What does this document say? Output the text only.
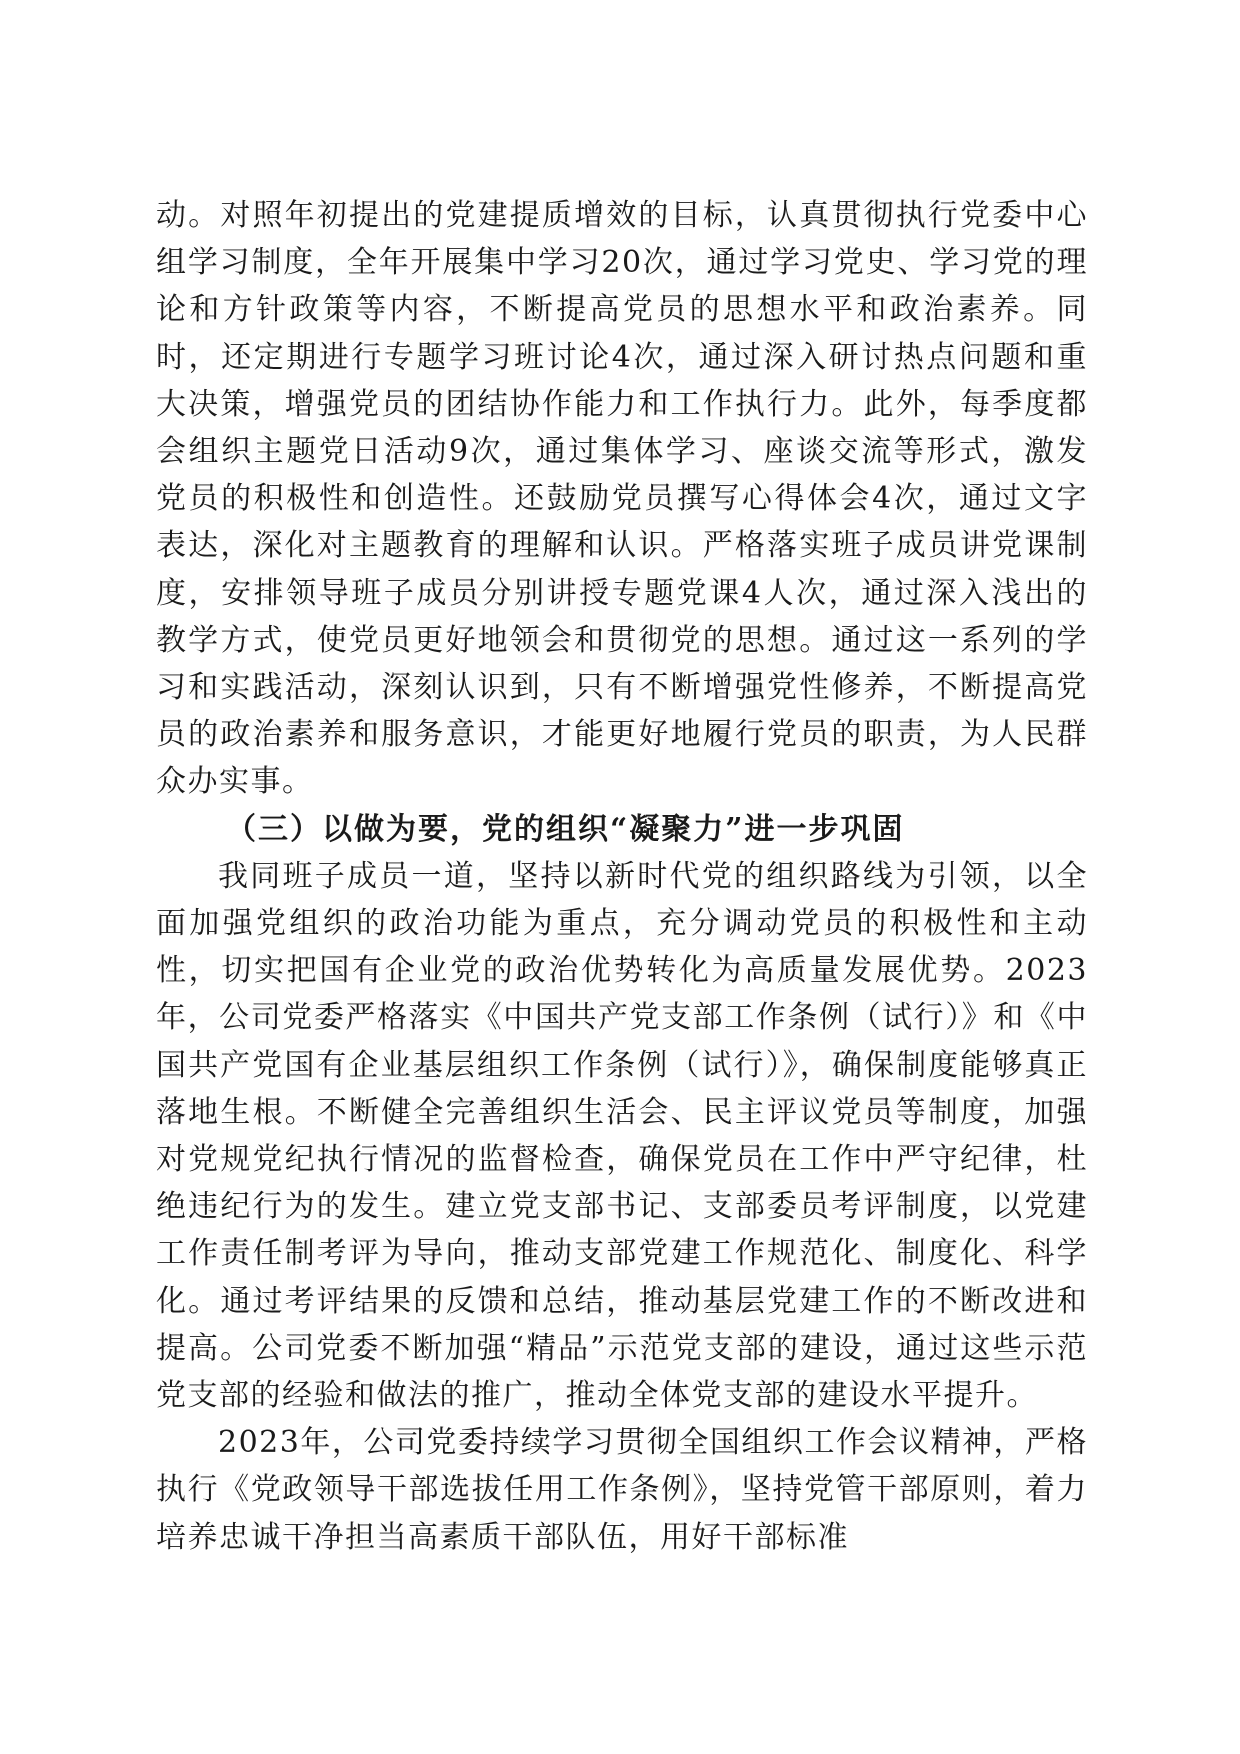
动。对照年初提出的党建提质增效的目标，认真贯彻执行党委中心组学习制度，全年开展集中学习20次，通过学习党史、学习党的理论和方针政策等内容，不断提高党员的思想水平和政治素养。同时，还定期进行专题学习班讨论4次，通过深入研讨热点问题和重大决策，增强党员的团结协作能力和工作执行力。此外，每季度都会组织主题党日活动9次，通过集体学习、座谈交流等形式，激发党员的积极性和创造性。还鼓励党员撰写心得体会4次，通过文字表达，深化对主题教育的理解和认识。严格落实班子成员讲党课制度，安排领导班子成员分别讲授专题党课4人次，通过深入浅出的教学方式，使党员更好地领会和贯彻党的思想。通过这一系列的学习和实践活动，深刻认识到，只有不断增强党性修养，不断提高党员的政治素养和服务意识，才能更好地履行党员的职责，为人民群众办实事。

（三）以做为要，党的组织“凝聚力”进一步巩固

我同班子成员一道，坚持以新时代党的组织路线为引领，以全面加强党组织的政治功能为重点，充分调动党员的积极性和主动性，切实把国有企业党的政治优势转化为高质量发展优势。2023年，公司党委严格落实《中国共产党支部工作条例（试行）》和《中国共产党国有企业基层组织工作条例（试行）》，确保制度能够真正落地生根。不断健全完善组织生活会、民主评议党员等制度，加强对党规党纪执行情况的监督检查，确保党员在工作中严守纪律，杜绝违纪行为的发生。建立党支部书记、支部委员考评制度，以党建工作责任制考评为导向，推动支部党建工作规范化、制度化、科学化。通过考评结果的反馈和总结，推动基层党建工作的不断改进和提高。公司党委不断加强“精品”示范党支部的建设，通过这些示范党支部的经验和做法的推广，推动全体党支部的建设水平提升。

2023年，公司党委持续学习贯彻全国组织工作会议精神，严格执行《党政领导干部选拔任用工作条例》，坚持党管干部原则，着力培养忠诚干净担当高素质干部队伍，用好干部标准
